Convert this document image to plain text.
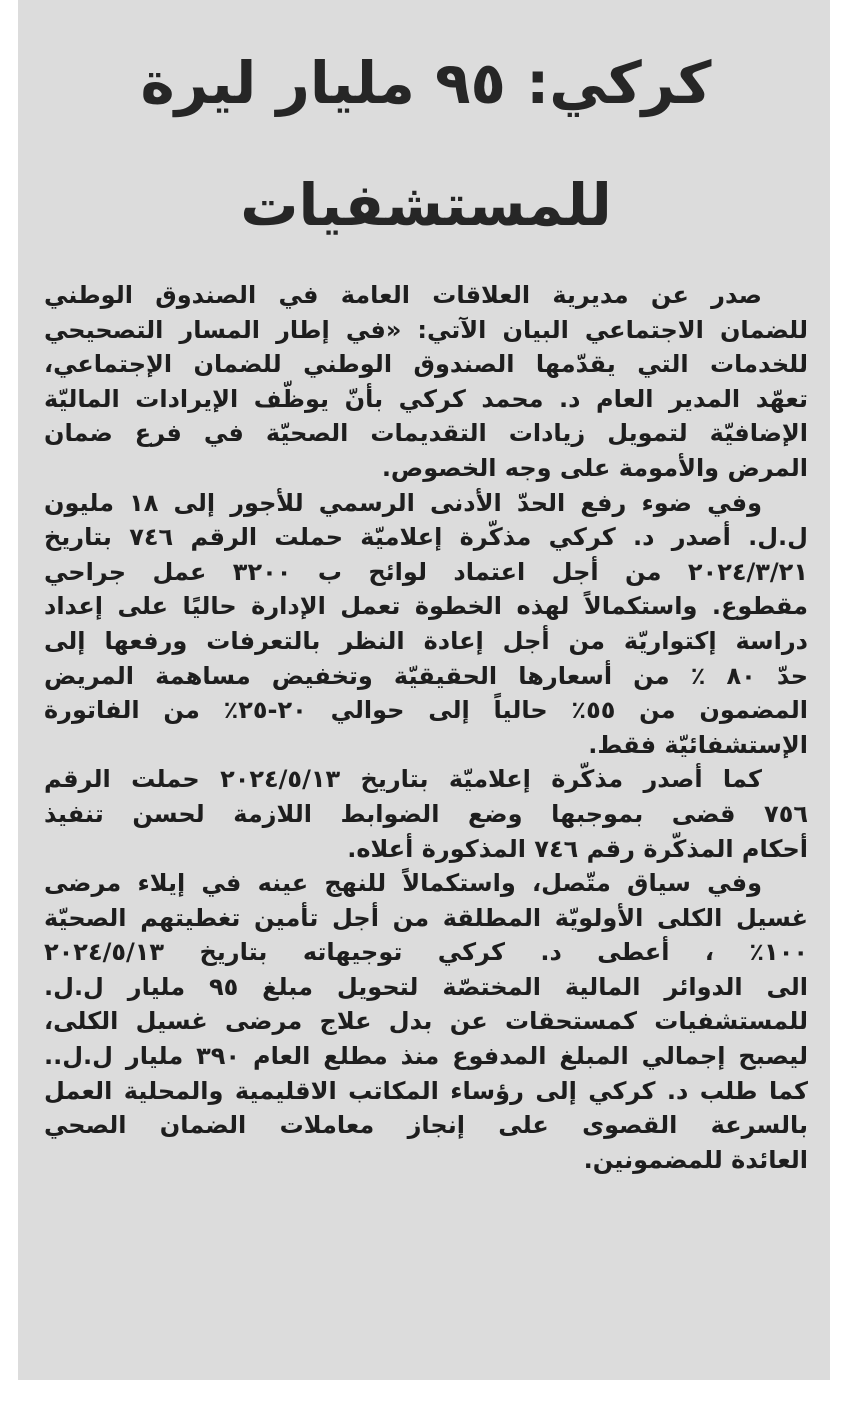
كركي: ٩٥ مليار ليرة
للمستشفيات

صدر عن مديرية العلاقات العامة في الصندوق الوطني
للضمان الاجتماعي البيان الآتي: «في إطار المسار التصحيحي
للخدمات التي يقدّمها الصندوق الوطني للضمان الإجتماعي،
تعهّد المدير العام د. محمد كركي بأنّ يوظّف الإيرادات الماليّة
الإضافيّة لتمويل زيادات التقديمات الصحيّة في فرع ضمان
المرض والأمومة على وجه الخصوص.

وفي ضوء رفع الحدّ الأدنى الرسمي للأجور إلى ١٨ مليون
ل.ل. أصدر د. كركي مذكّرة إعلاميّة حملت الرقم ٧٤٦ بتاريخ
٢٠٢٤/٣/٢١ من أجل اعتماد لوائح ب ٣٢٠٠ عمل جراحي
مقطوع. واستكمالاً لهذه الخطوة تعمل الإدارة حاليًا على إعداد
دراسة إكتواريّة من أجل إعادة النظر بالتعرفات ورفعها إلى
حدّ ٨٠ ٪ من أسعارها الحقيقيّة وتخفيض مساهمة المريض
المضمون من ٥٥٪ حالياً إلى حوالي ٢٠-٢٥٪ من الفاتورة
الإستشفائيّة فقط.

كما أصدر مذكّرة إعلاميّة بتاريخ ٢٠٢٤/٥/١٣ حملت الرقم
٧٥٦ قضى بموجبها وضع الضوابط اللازمة لحسن تنفيذ
أحكام المذكّرة رقم ٧٤٦ المذكورة أعلاه.

وفي سياق متّصل، واستكمالاً للنهج عينه في إيلاء مرضى
غسيل الكلى الأولويّة المطلقة من أجل تأمين تغطيتهم الصحيّة
١٠٠٪ ، أعطى د. كركي توجيهاته بتاريخ ٢٠٢٤/٥/١٣
الى الدوائر المالية المختصّة لتحويل مبلغ ٩٥ مليار ل.ل.
للمستشفيات كمستحقات عن بدل علاج مرضى غسيل الكلى،
ليصبح إجمالي المبلغ المدفوع منذ مطلع العام ٣٩٠ مليار ل.ل..
كما طلب د. كركي إلى رؤساء المكاتب الاقليمية والمحلية العمل
بالسرعة القصوى على إنجاز معاملات الضمان الصحي
العائدة للمضمونين.
